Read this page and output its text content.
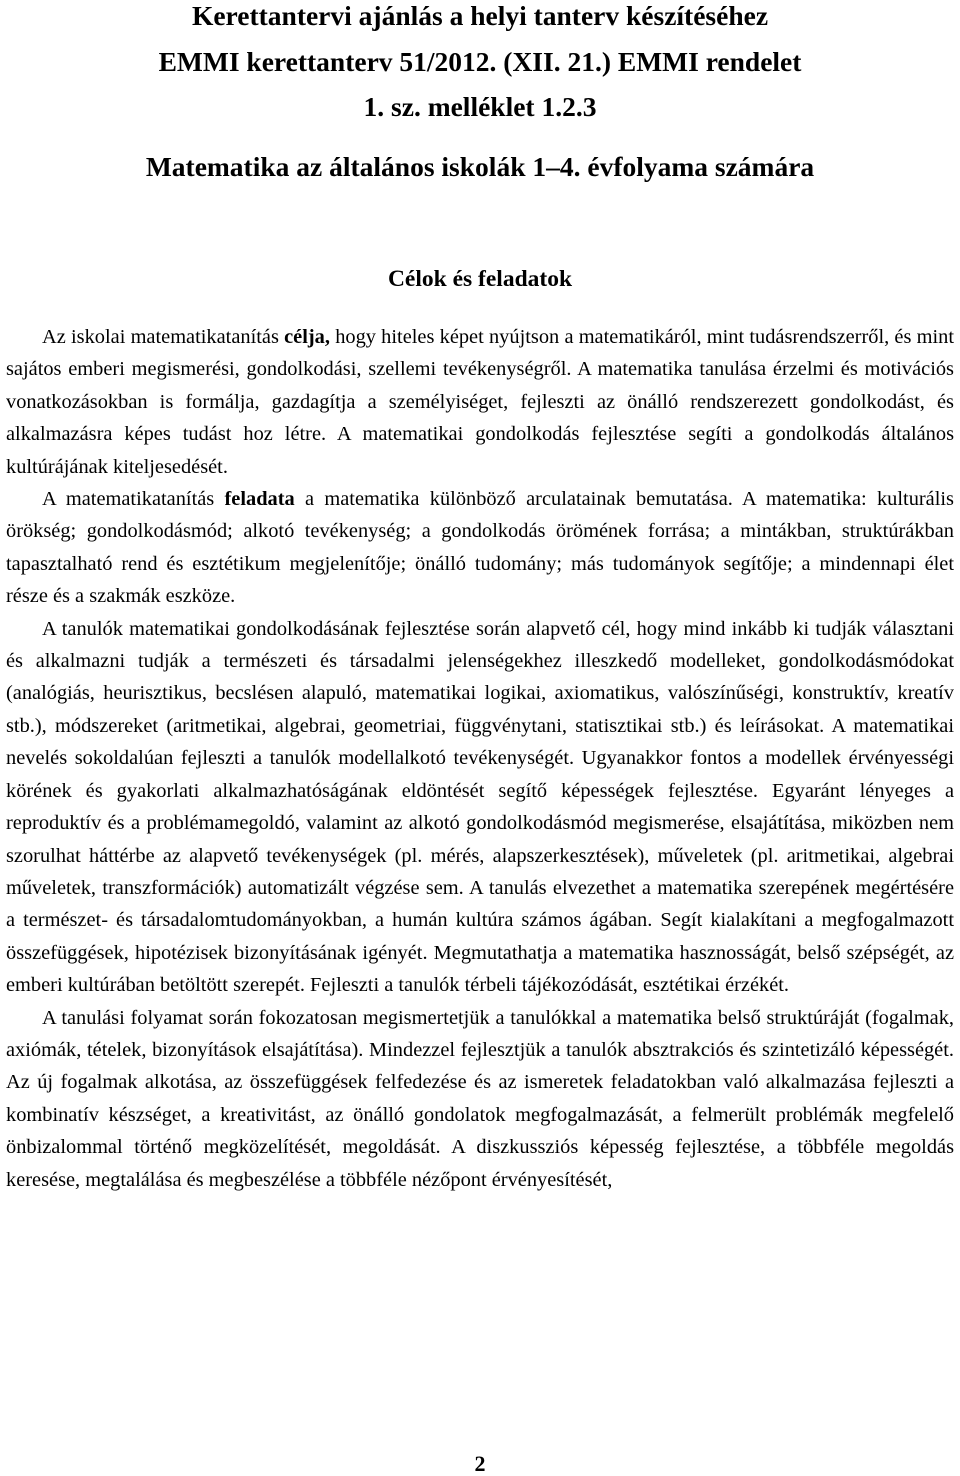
Kerettantervi ajánlás a helyi tanterv készítéséhez
EMMI kerettanterv 51/2012. (XII. 21.) EMMI rendelet
1. sz. melléklet 1.2.3
Matematika az általános iskolák 1–4. évfolyama számára
Célok és feladatok

Az iskolai matematikatanítás célja, hogy hiteles képet nyújtson a matematikáról, mint tudásrendszerről, és mint sajátos emberi megismerési, gondolkodási, szellemi tevékenységről. A matematika tanulása érzelmi és motivációs vonatkozásokban is formálja, gazdagítja a személyiséget, fejleszti az önálló rendszerezett gondolkodást, és alkalmazásra képes tudást hoz létre. A matematikai gondolkodás fejlesztése segíti a gondolkodás általános kultúrájának kiteljesedését.

A matematikatanítás feladata a matematika különböző arculatainak bemutatása. A matematika: kulturális örökség; gondolkodásmód; alkotó tevékenység; a gondolkodás örömének forrása; a mintákban, struktúrákban tapasztalható rend és esztétikum megjelenítője; önálló tudomány; más tudományok segítője; a mindennapi élet része és a szakmák eszköze.

A tanulók matematikai gondolkodásának fejlesztése során alapvető cél, hogy mind inkább ki tudják választani és alkalmazni tudják a természeti és társadalmi jelenségekhez illeszkedő modelleket, gondolkodásmódokat (analógiás, heurisztikus, becslésen alapuló, matematikai logikai, axiomatikus, valószínűségi, konstruktív, kreatív stb.), módszereket (aritmetikai, algebrai, geometriai, függvénytani, statisztikai stb.) és leírásokat. A matematikai nevelés sokoldalúan fejleszti a tanulók modellalkotó tevékenységét. Ugyanakkor fontos a modellek érvényességi körének és gyakorlati alkalmazhatóságának eldöntését segítő képességek fejlesztése. Egyaránt lényeges a reproduktív és a problémamegoldó, valamint az alkotó gondolkodásmód megismerése, elsajátítása, miközben nem szorulhat háttérbe az alapvető tevékenységek (pl. mérés, alapszerkesztések), műveletek (pl. aritmetikai, algebrai műveletek, transzformációk) automatizált végzése sem. A tanulás elvezethet a matematika szerepének megértésére a természet- és társadalomtudományokban, a humán kultúra számos ágában. Segít kialakítani a megfogalmazott összefüggések, hipotézisek bizonyításának igényét. Megmutathatja a matematika hasznosságát, belső szépségét, az emberi kultúrában betöltött szerepét. Fejleszti a tanulók térbeli tájékozódását, esztétikai érzékét.

A tanulási folyamat során fokozatosan megismertetjük a tanulókkal a matematika belső struktúráját (fogalmak, axiómák, tételek, bizonyítások elsajátítása). Mindezzel fejlesztjük a tanulók absztrakciós és szintetizáló képességét. Az új fogalmak alkotása, az összefüggések felfedezése és az ismeretek feladatokban való alkalmazása fejleszti a kombinatív készséget, a kreativitást, az önálló gondolatok megfogalmazását, a felmerült problémák megfelelő önbizalommal történő megközelítését, megoldását. A diszkussziós képesség fejlesztése, a többféle megoldás keresése, megtalálása és megbeszélése a többféle nézőpont érvényesítését,

2
